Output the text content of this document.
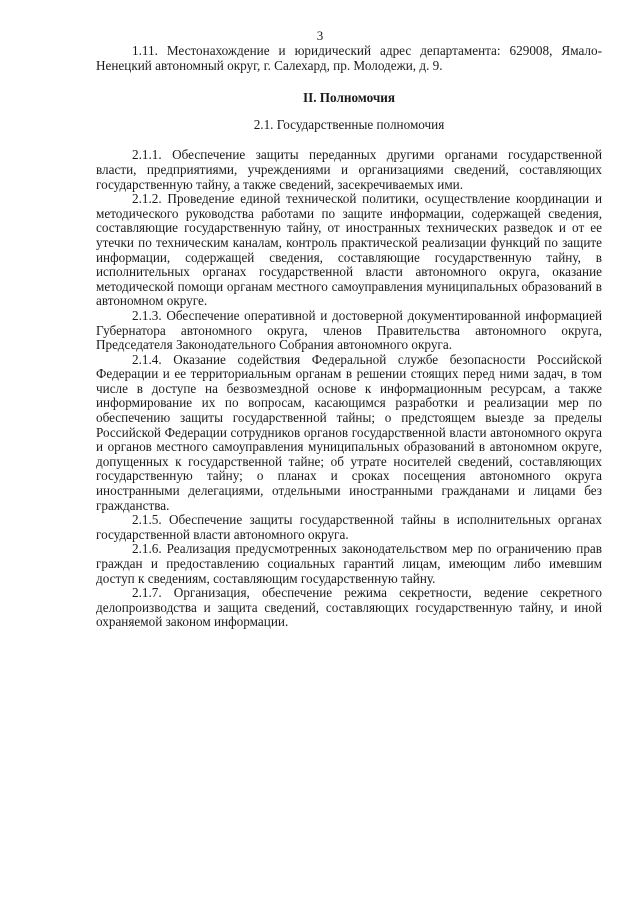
3

1.11. Местонахождение и юридический адрес департамента: 629008, Ямало-Ненецкий автономный округ, г. Салехард, пр. Молодежи, д. 9.

II. Полномочия

2.1. Государственные полномочия

2.1.1. Обеспечение защиты переданных другими органами государственной власти, предприятиями, учреждениями и организациями сведений, составляющих государственную тайну, а также сведений, засекречиваемых ими.

2.1.2. Проведение единой технической политики, осуществление координации и методического руководства работами по защите информации, содержащей сведения, составляющие государственную тайну, от иностранных технических разведок и от ее утечки по техническим каналам, контроль практической реализации функций по защите информации, содержащей сведения, составляющие государственную тайну, в исполнительных органах государственной власти автономного округа, оказание методической помощи органам местного самоуправления муниципальных образований в автономном округе.

2.1.3. Обеспечение оперативной и достоверной документированной информацией Губернатора автономного округа, членов Правительства автономного округа, Председателя Законодательного Собрания автономного округа.

2.1.4. Оказание содействия Федеральной службе безопасности Российской Федерации и ее территориальным органам в решении стоящих перед ними задач, в том числе в доступе на безвозмездной основе к информационным ресурсам, а также информирование их по вопросам, касающимся разработки и реализации мер по обеспечению защиты государственной тайны; о предстоящем выезде за пределы Российской Федерации сотрудников органов государственной власти автономного округа и органов местного самоуправления муниципальных образований в автономном округе, допущенных к государственной тайне; об утрате носителей сведений, составляющих государственную тайну; о планах и сроках посещения автономного округа иностранными делегациями, отдельными иностранными гражданами и лицами без гражданства.

2.1.5. Обеспечение защиты государственной тайны в исполнительных органах государственной власти автономного округа.

2.1.6. Реализация предусмотренных законодательством мер по ограничению прав граждан и предоставлению социальных гарантий лицам, имеющим либо имевшим доступ к сведениям, составляющим государственную тайну.

2.1.7. Организация, обеспечение режима секретности, ведение секретного делопроизводства и защита сведений, составляющих государственную тайну, и иной охраняемой законом информации.
